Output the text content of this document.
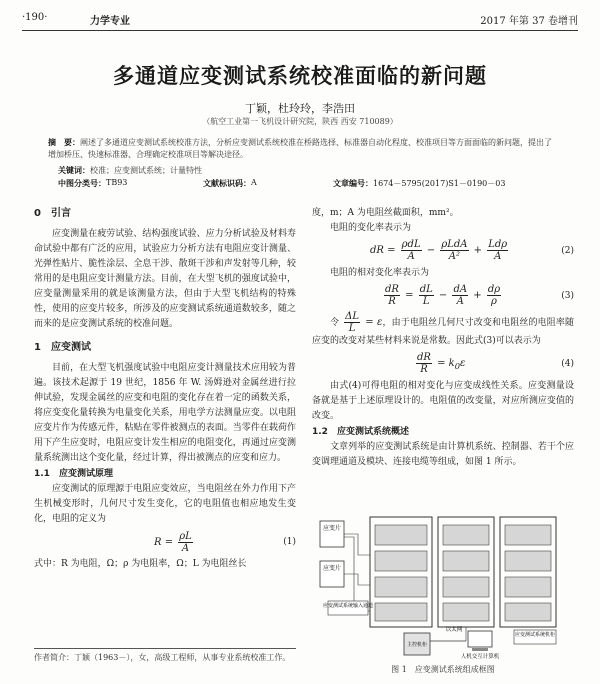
·190·	力学专业	2017 年第 37 卷增刊
多通道应变测试系统校准面临的新问题
丁颖，杜玲玲，李浩田
（航空工业第一飞机设计研究院，陕西 西安 710089）
摘　要：阐述了多通道应变测试系统校准方法，分析应变测试系统校准在桥路选择、标准器自动化程度、校准项目等方面面临的新问题，提出了增加桥压、快速标准器、合理确定校准项目等解决途径。
关键词：校准；应变测试系统；计量特性
中图分类号： TB93	文献标识码： A	文章编号： 1674－5795(2017)S1－0190－03
0　引言

应变测量在疲劳试验、结构强度试验、应力分析试验及材料寿命试验中都有广泛的应用，试验应力分析方法有电阻应变计测量、光弹性贴片、脆性涂层、全息干涉、散斑干涉和声发射等几种，较常用的是电阻应变计测量方法。目前，在大型飞机的强度试验中，应变量测量采用的就是该测量方法，但由于大型飞机结构的特殊性，使用的应变片较多，所涉及的应变测试系统通道数较多，随之而来的是应变测试系统的校准问题。

1　应变测试

目前，在大型飞机强度试验中电阻应变计测量技术应用较为普遍。该技术起源于 19 世纪，1856 年 W. 汤姆逊对金属丝进行拉伸试验，发现金属丝的应变和电阻的变化存在着一定的函数关系，将应变变化量转换为电量变化关系，用电学方法测量应变。以电阻应变片作为传感元件，粘贴在零件被测点的表面。当零件在载荷作用下产生应变时，电阻应变计发生相应的电阻变化，再通过应变测量系统测出这个变化量，经过计算，得出被测点的应变和应力。

1.1　应变测试原理

应变测试的原理源于电阻应变效应，当电阻丝在外力作用下产生机械变形时，几何尺寸发生变化，它的电阻值也相应地发生变化，电阻的定义为

$R = \frac{\rho L}{A}$	(1)
式中：R 为电阻，Ω；ρ 为电阻率，Ω；L 为电阻丝长
作者简介：丁颖（1963－），女，高级工程师，从事专业系统校准工作。
度，m；A 为电阻丝截面积，mm²。

电阻的变化率表示为

dR = $\frac{\text{ρdL}}{A} - \frac{\text{ρLdA}}{\text{A²}} + \frac{\text{Ldρ}}{A}$	(2)

电阻的相对变化率表示为

$\frac{dR}{R} = \frac{dL}{L} - \frac{dA}{A} + \frac{d\rho}{\rho}$	(3)
令 $\frac{\Delta L}{L} = \varepsilon$，由于电阻丝几何尺寸改变和电阻丝的电阻率随应变的改变对某些材料来说是常数。因此式(3)可以表示为
$\frac{dR}{R} = k_0\varepsilon$	(4)

由式(4)可得电阻的相对变化与应变成线性关系。应变测量设备就是基于上述原理设计的。电阻值的改变量，对应所测应变值的改变。

1.2　应变测试系统概述

文章列举的应变测试系统是由计算机系统、控制器、若干个应变调理通道及模块、连接电缆等组成，如图 1 所示。

应变片
应变片
应变测试系统输入通道
主控机柜
以太网
人机交互计算机
应变测试系统机柜
图 1　应变测试系统组成框图
